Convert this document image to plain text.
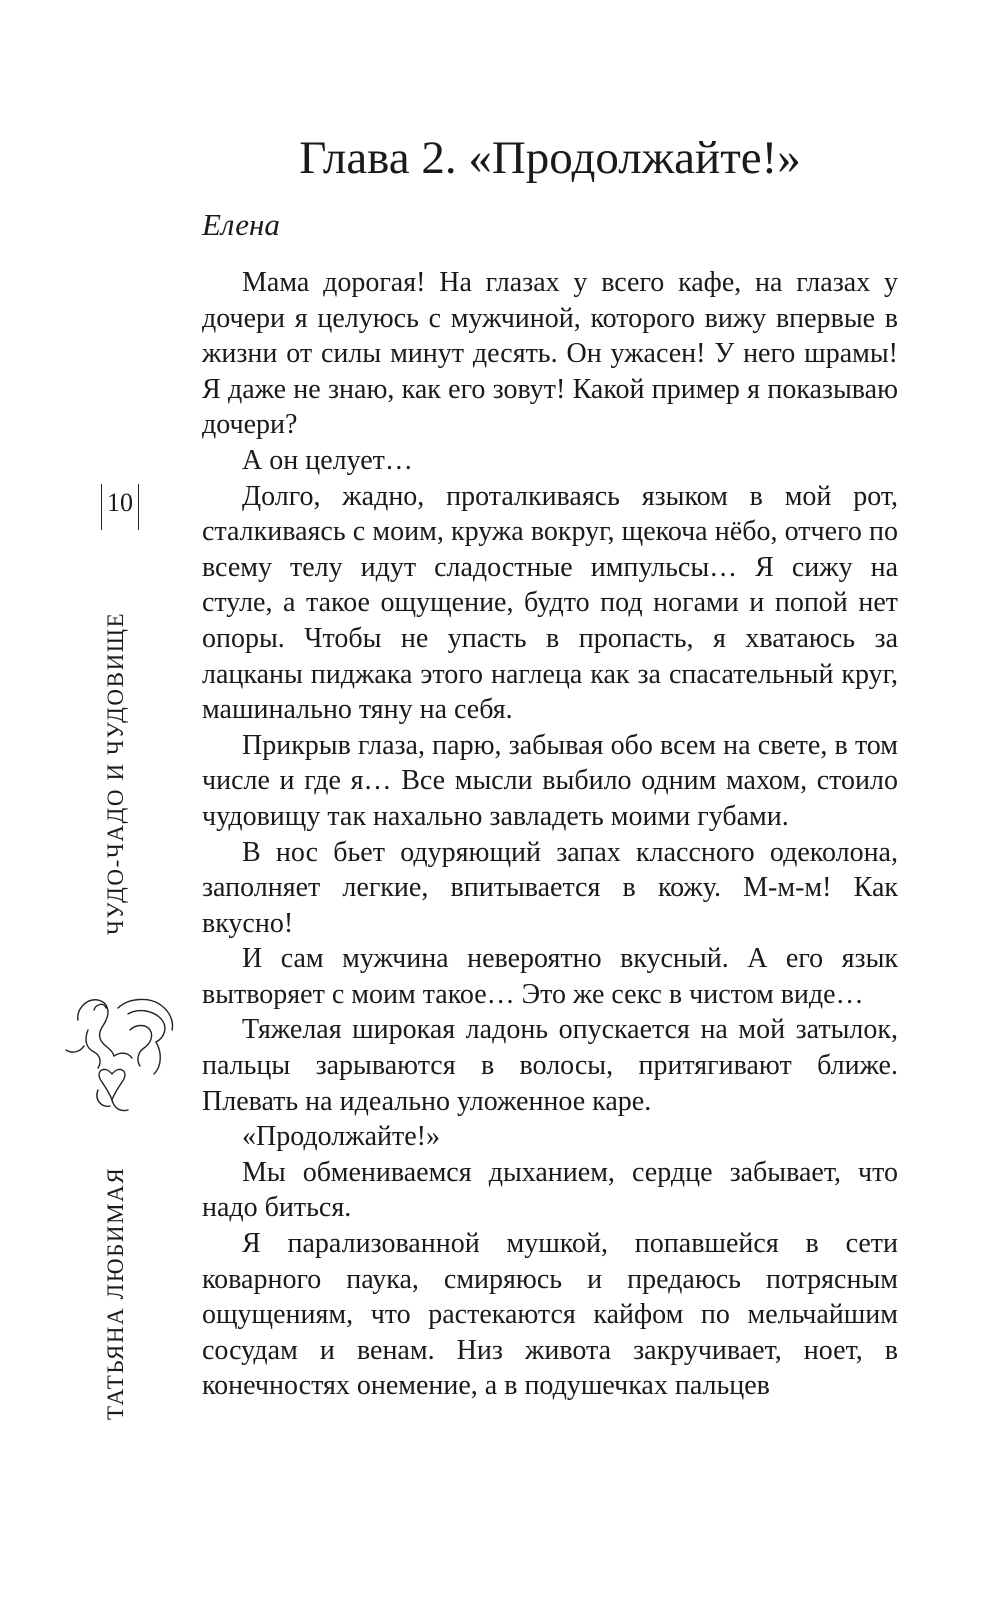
Глава 2. «Продолжайте!»
Елена

Мама дорогая! На глазах у всего кафе, на глазах у дочери я целуюсь с мужчиной, которого вижу впервые в жизни от силы минут десять. Он ужасен! У него шрамы! Я даже не знаю, как его зовут! Какой пример я показываю дочери?

А он целует…

Долго, жадно, проталкиваясь языком в мой рот, сталкиваясь с моим, кружа вокруг, щекоча нёбо, отчего по всему телу идут сладостные импульсы… Я сижу на стуле, а такое ощущение, будто под ногами и попой нет опоры. Чтобы не упасть в пропасть, я хватаюсь за лацканы пиджака этого наглеца как за спасательный круг, машинально тяну на себя.

Прикрыв глаза, парю, забывая обо всем на свете, в том числе и где я… Все мысли выбило одним махом, стоило чудовищу так нахально завладеть моими губами.

В нос бьет одуряющий запах классного одеколона, заполняет легкие, впитывается в кожу. М-м-м! Как вкусно!

И сам мужчина невероятно вкусный. А его язык вытворяет с моим такое… Это же секс в чистом виде…

Тяжелая широкая ладонь опускается на мой затылок, пальцы зарываются в волосы, притягивают ближе. Плевать на идеально уложенное каре.

«Продолжайте!»

Мы обмениваемся дыханием, сердце забывает, что надо биться.

Я парализованной мушкой, попавшейся в сети коварного паука, смиряюсь и предаюсь потрясным ощущениям, что растекаются кайфом по мельчайшим сосудам и венам. Низ живота закручивает, ноет, в конечностях онемение, а в подушечках пальцев

10
ЧУДО-ЧАДО И ЧУДОВИЩЕ
ТАТЬЯНА ЛЮБИМАЯ
